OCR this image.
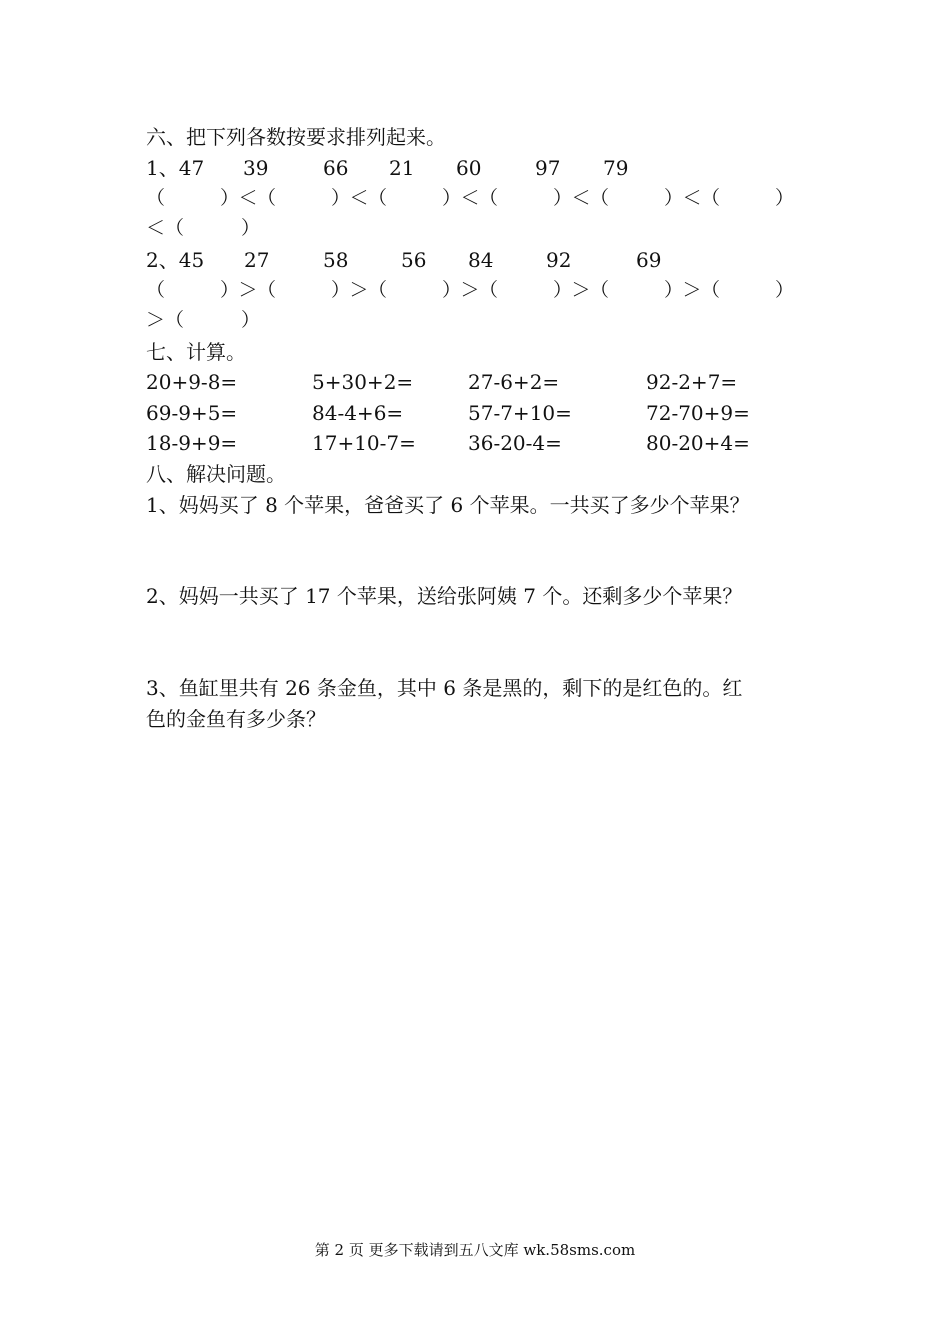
六、把下列各数按要求排列起来。
1、47 39	66 21 60	97 79
（　　　）＜（　　　）＜（　　　）＜（　　　）＜（　　　）＜（　　　）
＜（　　　）
2、45 27	58	56 84	92	69
（　　　）＞（　　　）＞（　　　）＞（　　　）＞（　　　）＞（　　　）
＞（　　　）
七、计算。
20+9-8=	5+30+2=	27-6+2=	92-2+7=
69-9+5=	84-4+6=	57-7+10=	72-70+9=
18-9+9=	17+10-7=	36-20-4=	80-20+4=
八、解决问题。
1、妈妈买了 8 个苹果，爸爸买了 6 个苹果。一共买了多少个苹果？
2、妈妈一共买了 17 个苹果，送给张阿姨 7 个。还剩多少个苹果？
3、鱼缸里共有 26 条金鱼，其中 6 条是黑的，剩下的是红色的。红
色的金鱼有多少条？
第 2 页 更多下载请到五八文库 wk.58sms.com
